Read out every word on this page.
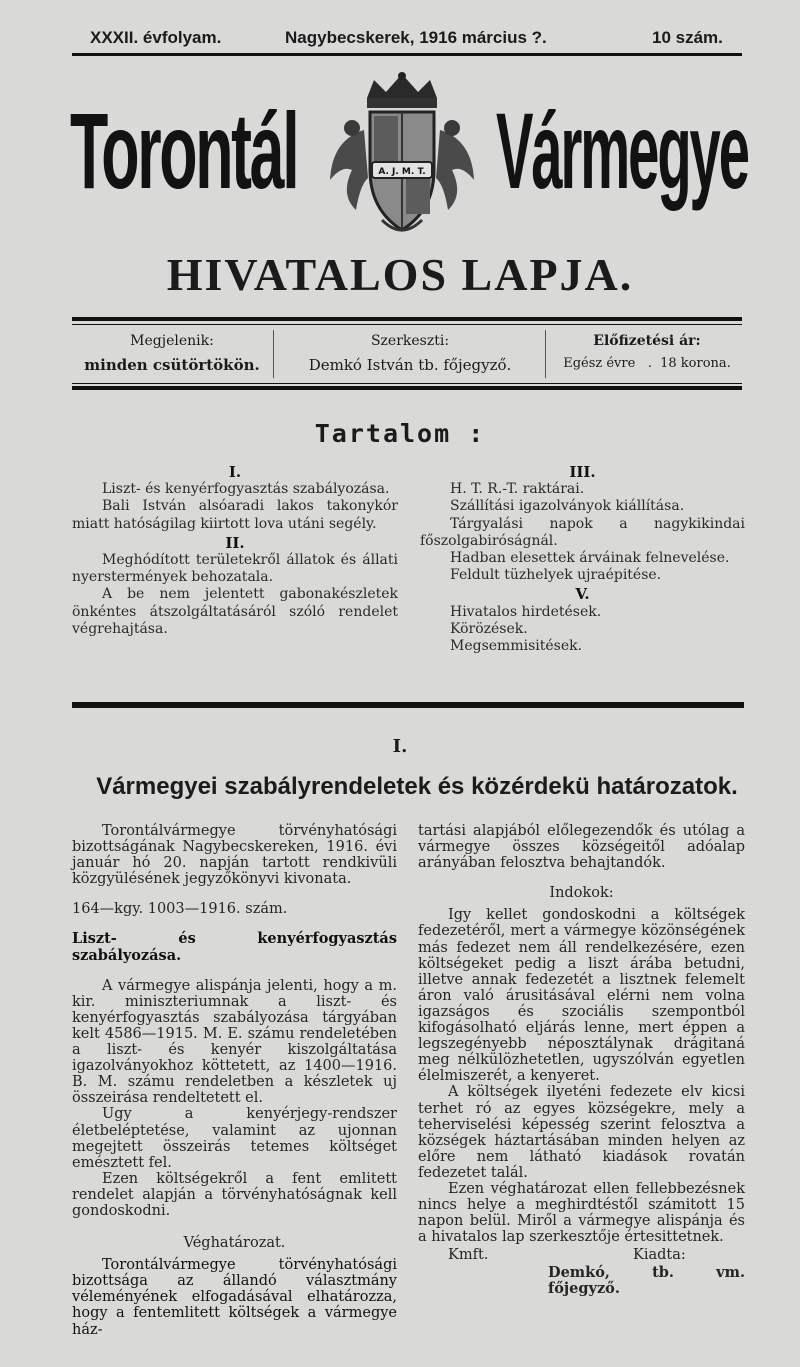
XXXII. évfolyam.	Nagybecskerek, 1916 március ?.	10 szám.
Torontál Vármegye
A. J. M. T.
HIVATALOS LAPJA.
Megjelenik:
minden csütörtökön.
Szerkeszti:
Demkó István tb. főjegyző.
Előfizetési ár:
Egész évre   .  18 korona.
Tartalom :

I.

Liszt- és kenyérfogyasztás szabályozása.

Bali István alsóaradi lakos takonykór miatt hatóságilag kiirtott lova utáni segély.

II.

Meghódított területekről állatok és állati nyerstermények behozatala.

A be nem jelentett gabonakészletek önkéntes átszolgáltatásáról szóló rendelet végrehajtása.

III.

H. T. R.-T. raktárai.

Szállítási igazolványok kiállítása.

Tárgyalási napok a nagykikindai főszolgabiróságnál.

Hadban elesettek árváinak felnevelése.

Feldult tüzhelyek ujraépitése.

V.

Hivatalos hirdetések.

Körözések.

Megsemmisitések.

I.
Vármegyei szabályrendeletek és közérdekü határozatok.

Torontálvármegye törvényhatósági bizottságának Nagybecskereken, 1916. évi január hó 20. napján tartott rendkivüli közgyülésének jegyzőkönyvi kivonata.

164—kgy. 1003—1916. szám.

Liszt- és kenyérfogyasztás szabályozása.

A vármegye alispánja jelenti, hogy a m. kir. miniszteriumnak a liszt- és kenyérfogyasztás szabályozása tárgyában kelt 4586—1915. M. E. számu rendeletében a liszt- és kenyér kiszolgáltatása igazolványokhoz köttetett, az 1400—1916. B. M. számu rendeletben a készletek uj összeirása rendeltetett el.

Ugy a kenyérjegy-rendszer életbeléptetése, valamint az ujonnan megejtett összeirás tetemes költséget emésztett fel.

Ezen költségekről a fent emlitett rendelet alapján a törvényhatóságnak kell gondoskodni.

Véghatározat.

Torontálvármegye törvényhatósági bizottsága az állandó választmány véleményének elfogadásával elhatározza, hogy a fentemlitett költségek a vármegye ház-

tartási alapjából előlegezendők és utólag a vármegye összes községeitől adóalap arányában felosztva behajtandók.

Indokok:

Igy kellet gondoskodni a költségek fedezetéről, mert a vármegye közönségének más fedezet nem áll rendelkezésére, ezen költségeket pedig a liszt árába betudni, illetve annak fedezetét a lisztnek felemelt áron való árusitásával elérni nem volna igazságos és szociális szempontból kifogásolható eljárás lenne, mert éppen a legszegényebb néposztálynak drágitaná meg nélkülözhetetlen, ugyszólván egyetlen élelmiszerét, a kenyeret.

A költségek ilyeténi fedezete elv kicsi terhet ró az egyes községekre, mely a teherviselési képesség szerint felosztva a községek háztartásában minden helyen az előre nem látható kiadások rovatán fedezetet talál.

Ezen véghatározat ellen fellebbezésnek nincs helye a meghirdtéstől számitott 15 napon belül. Miről a vármegye alispánja és a hivatalos lap szerkesztője értesittetnek.

Kmft.	Kiadta:
Demkó, tb. vm. főjegyző.
